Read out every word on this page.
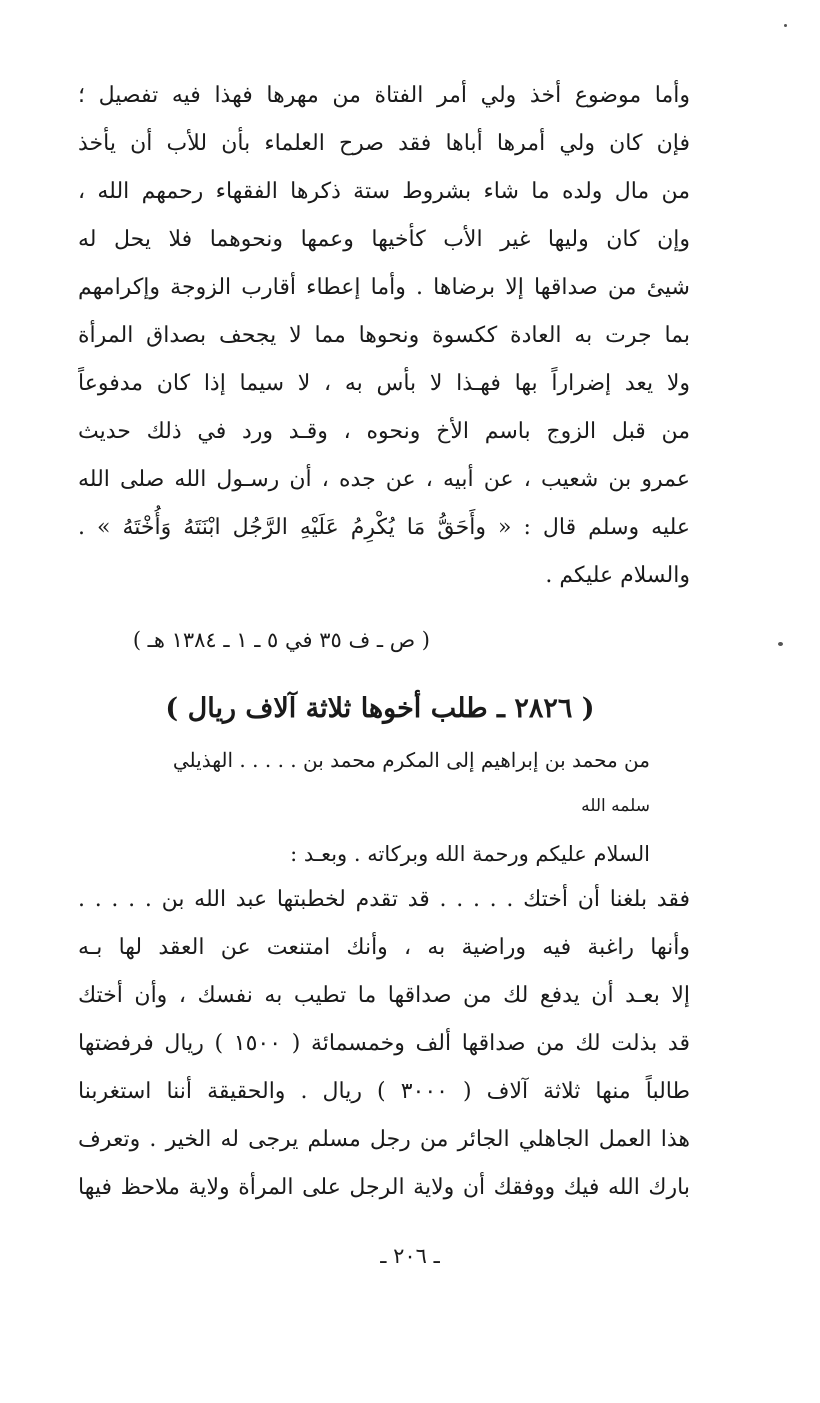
وأما موضوع أخذ ولي أمر الفتاة من مهرها فهذا فيه تفصيل ؛
فإن كان ولي أمرها أباها فقد صرح العلماء بأن للأب أن يأخذ
من مال ولده ما شاء بشروط ستة ذكرها الفقهاء رحمهم الله ،
وإن كان وليها غير الأب كأخيها وعمها ونحوهما فلا يحل له
شيئ من صداقها إلا برضاها . وأما إعطاء أقارب الزوجة وإكرامهم
بما جرت به العادة ككسوة ونحوها مما لا يجحف بصداق المرأة
ولا يعد إضراراً بها فهـذا لا بأس به ، لا سيما إذا كان مدفوعاً
من قبل الزوج باسم الأخ ونحوه ، وقـد ورد في ذلك حديث
عمرو بن شعيب ، عن أبيه ، عن جده ، أن رسـول الله صلى الله
عليه وسلم قال : « وأَحَقُّ مَا يُكْرِمُ عَلَيْهِ الرَّجُل ابْنَتَهُ وَأُخْتَهُ » .
والسلام عليكم .
( ص ـ ف ٣٥ في ٥ ـ ١ ـ ١٣٨٤ هـ )
( ٢٨٢٦ ـ طلب أخوها ثلاثة آلاف ريال )
من محمد بن إبراهيم إلى المكرم محمد بن . . . . . الهذيلي
سلمه الله
السلام عليكم ورحمة الله وبركاته . وبعـد :
فقد بلغنا أن أختك . . . . . قد تقدم لخطبتها عبد الله بن . . . . .
وأنها راغبة فيه وراضية به ، وأنك امتنعت عن العقد لها بـه
إلا بعـد أن يدفع لك من صداقها ما تطيب به نفسك ، وأن أختك
قد بذلت لك من صداقها ألف وخمسمائة ( ١٥٠٠ ) ريال فرفضتها
طالباً منها ثلاثة آلاف ( ٣٠٠٠ ) ريال . والحقيقة أننا استغربنا
هذا العمل الجاهلي الجائر من رجل مسلم يرجى له الخير . وتعرف
بارك الله فيك ووفقك أن ولاية الرجل على المرأة ولاية ملاحظ فيها
ـ ٢٠٦ ـ
